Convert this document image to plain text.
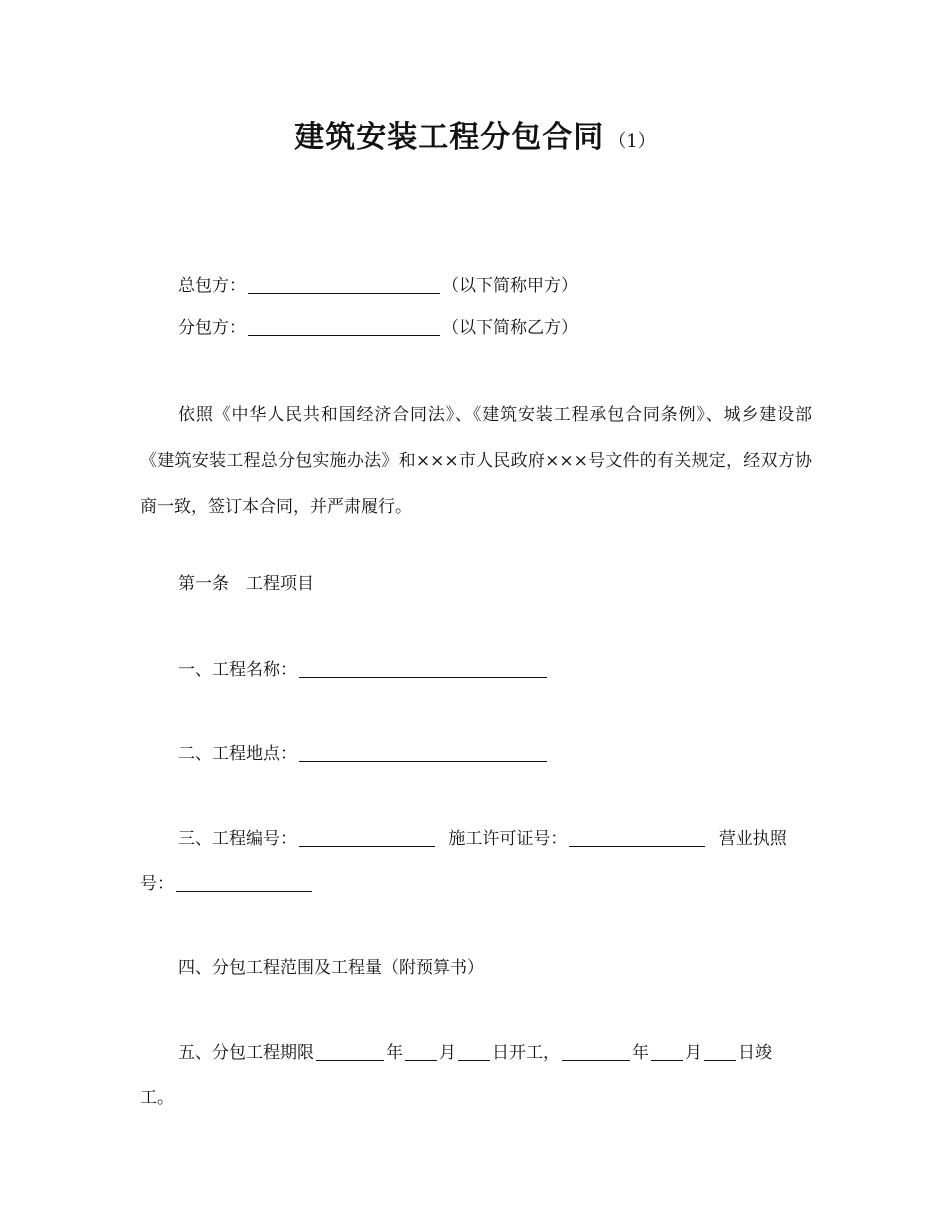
建筑安装工程分包合同 （1）
总包方：	（以下简称甲方）
分包方：	（以下简称乙方）
依照《中华人民共和国经济合同法》、《建筑安装工程承包合同条例》、城乡建设部《建筑安装工程总分包实施办法》和×××市人民政府×××号文件的有关规定，经双方协商一致，签订本合同，并严肃履行。
第一条　工程项目
一、工程名称：
二、工程地点：
三、工程编号：	施工许可证号：	营业执照
号：
四、分包工程范围及工程量（附预算书）
五、分包工程期限	年 月 日开工，	年 月 日竣
工。
